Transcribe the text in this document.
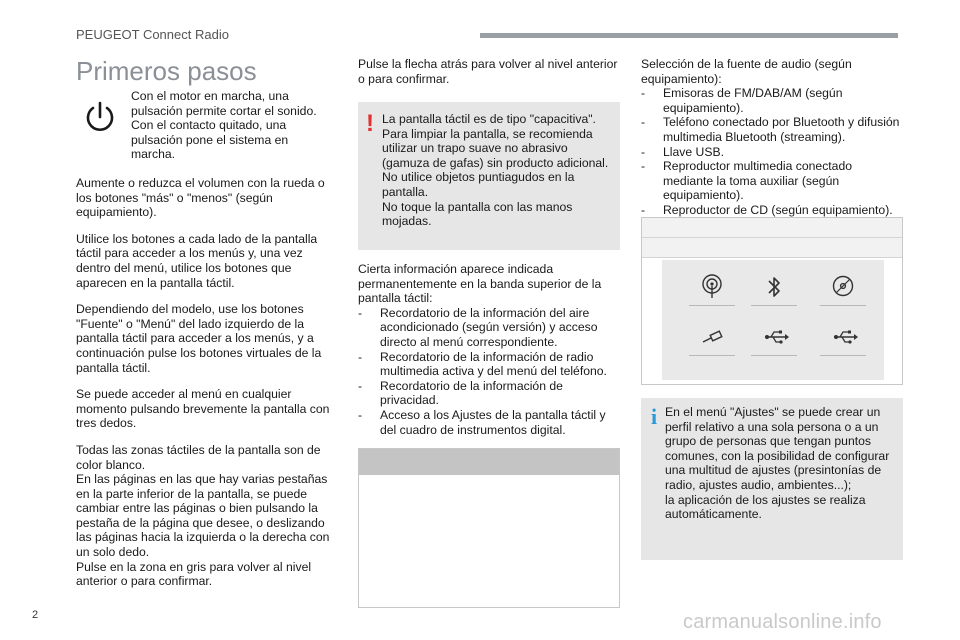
PEUGEOT Connect Radio
Primeros pasos
Con el motor en marcha, una pulsación permite cortar el sonido. Con el contacto quitado, una pulsación pone el sistema en marcha.

Aumente o reduzca el volumen con la rueda o los botones "más" o "menos" (según equipamiento).

Utilice los botones a cada lado de la pantalla táctil para acceder a los menús y, una vez dentro del menú, utilice los botones que aparecen en la pantalla táctil.

Dependiendo del modelo, use los botones "Fuente" o "Menú" del lado izquierdo de la pantalla táctil para acceder a los menús, y a continuación pulse los botones virtuales de la pantalla táctil.

Se puede acceder al menú en cualquier momento pulsando brevemente la pantalla con tres dedos.

Todas las zonas táctiles de la pantalla son de color blanco.
En las páginas en las que hay varias pestañas en la parte inferior de la pantalla, se puede cambiar entre las páginas o bien pulsando la pestaña de la página que desee, o deslizando las páginas hacia la izquierda o la derecha con un solo dedo.
Pulse en la zona en gris para volver al nivel anterior o para confirmar.

Pulse la flecha atrás para volver al nivel anterior o para confirmar.
! La pantalla táctil es de tipo "capacitiva". Para limpiar la pantalla, se recomienda utilizar un trapo suave no abrasivo (gamuza de gafas) sin producto adicional.
No utilice objetos puntiagudos en la pantalla.
No toque la pantalla con las manos mojadas.
Cierta información aparece indicada permanentemente en la banda superior de la pantalla táctil:
- Recordatorio de la información del aire acondicionado (según versión) y acceso directo al menú correspondiente.
- Recordatorio de la información de radio multimedia activa y del menú del teléfono.
- Recordatorio de la información de privacidad.
- Acceso a los Ajustes de la pantalla táctil y del cuadro de instrumentos digital.
Selección de la fuente de audio (según equipamiento):
- Emisoras de FM/DAB/AM (según equipamiento).
- Teléfono conectado por Bluetooth y difusión multimedia Bluetooth (streaming).
- Llave USB.
- Reproductor multimedia conectado mediante la toma auxiliar (según equipamiento).
- Reproductor de CD (según equipamiento).
i En el menú "Ajustes" se puede crear un perfil relativo a una sola persona o a un grupo de personas que tengan puntos comunes, con la posibilidad de configurar una multitud de ajustes (presintonías de radio, ajustes audio, ambientes...);
la aplicación de los ajustes se realiza automáticamente.
2	carmanualsonline.info
